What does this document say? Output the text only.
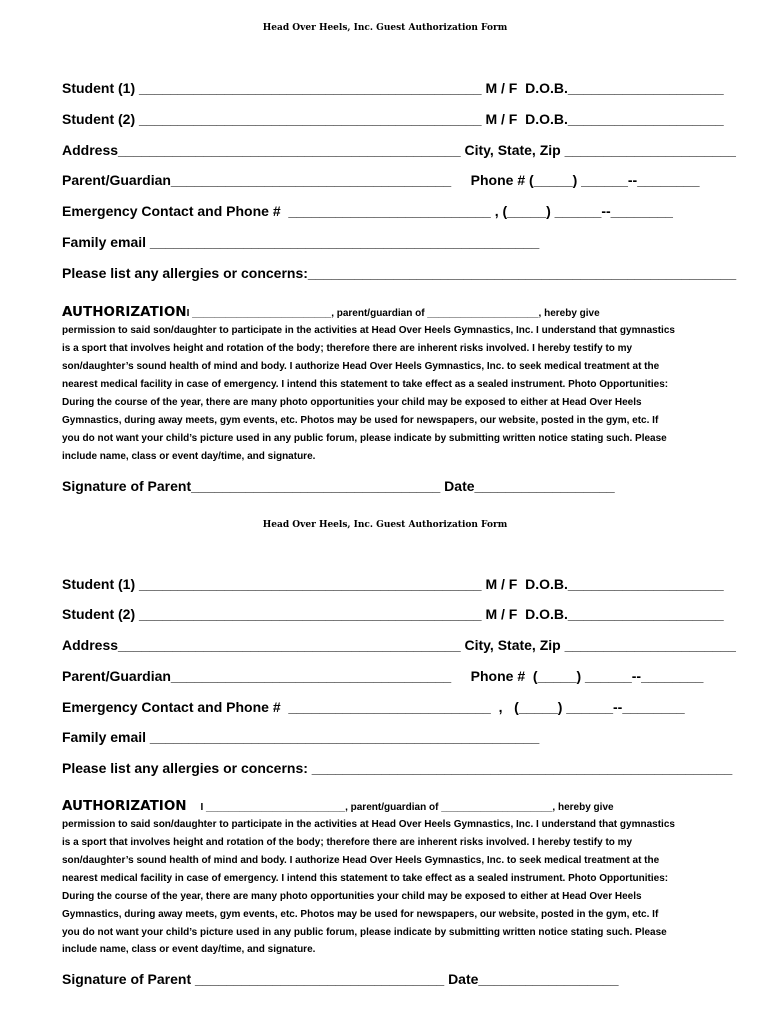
Head Over Heels, Inc. Guest Authorization Form
Student (1) ____________________________________________ M / F  D.O.B.____________________
Student (2) ____________________________________________ M / F  D.O.B.____________________
Address____________________________________________ City, State, Zip ______________________
Parent/Guardian____________________________________     Phone # (_____) ______--________
Emergency Contact and Phone #  __________________________ , (_____) ______--________
Family email __________________________________________________
Please list any allergies or concerns:_______________________________________________________
AUTHORIZATIONI _________________________, parent/guardian of ____________________, hereby give
permission to said son/daughter to participate in the activities at Head Over Heels Gymnastics, Inc. I understand that gymnastics
is a sport that involves height and rotation of the body; therefore there are inherent risks involved. I hereby testify to my
son/daughter’s sound health of mind and body. I authorize Head Over Heels Gymnastics, Inc. to seek medical treatment at the
nearest medical facility in case of emergency. I intend this statement to take effect as a sealed instrument. Photo Opportunities:
During the course of the year, there are many photo opportunities your child may be exposed to either at Head Over Heels
Gymnastics, during away meets, gym events, etc. Photos may be used for newspapers, our website, posted in the gym, etc. If
you do not want your child’s picture used in any public forum, please indicate by submitting written notice stating such. Please
include name, class or event day/time, and signature.
Signature of Parent________________________________ Date__________________
Head Over Heels, Inc. Guest Authorization Form
Student (1) ____________________________________________ M / F  D.O.B.____________________
Student (2) ____________________________________________ M / F  D.O.B.____________________
Address____________________________________________ City, State, Zip ______________________
Parent/Guardian____________________________________     Phone #  (_____) ______--________
Emergency Contact and Phone #  __________________________  ,   (_____) ______--________
Family email __________________________________________________
Please list any allergies or concerns: ______________________________________________________
AUTHORIZATION     I _________________________, parent/guardian of ____________________, hereby give
permission to said son/daughter to participate in the activities at Head Over Heels Gymnastics, Inc. I understand that gymnastics
is a sport that involves height and rotation of the body; therefore there are inherent risks involved. I hereby testify to my
son/daughter’s sound health of mind and body. I authorize Head Over Heels Gymnastics, Inc. to seek medical treatment at the
nearest medical facility in case of emergency. I intend this statement to take effect as a sealed instrument. Photo Opportunities:
During the course of the year, there are many photo opportunities your child may be exposed to either at Head Over Heels
Gymnastics, during away meets, gym events, etc. Photos may be used for newspapers, our website, posted in the gym, etc. If
you do not want your child’s picture used in any public forum, please indicate by submitting written notice stating such. Please
include name, class or event day/time, and signature.
Signature of Parent ________________________________ Date__________________
